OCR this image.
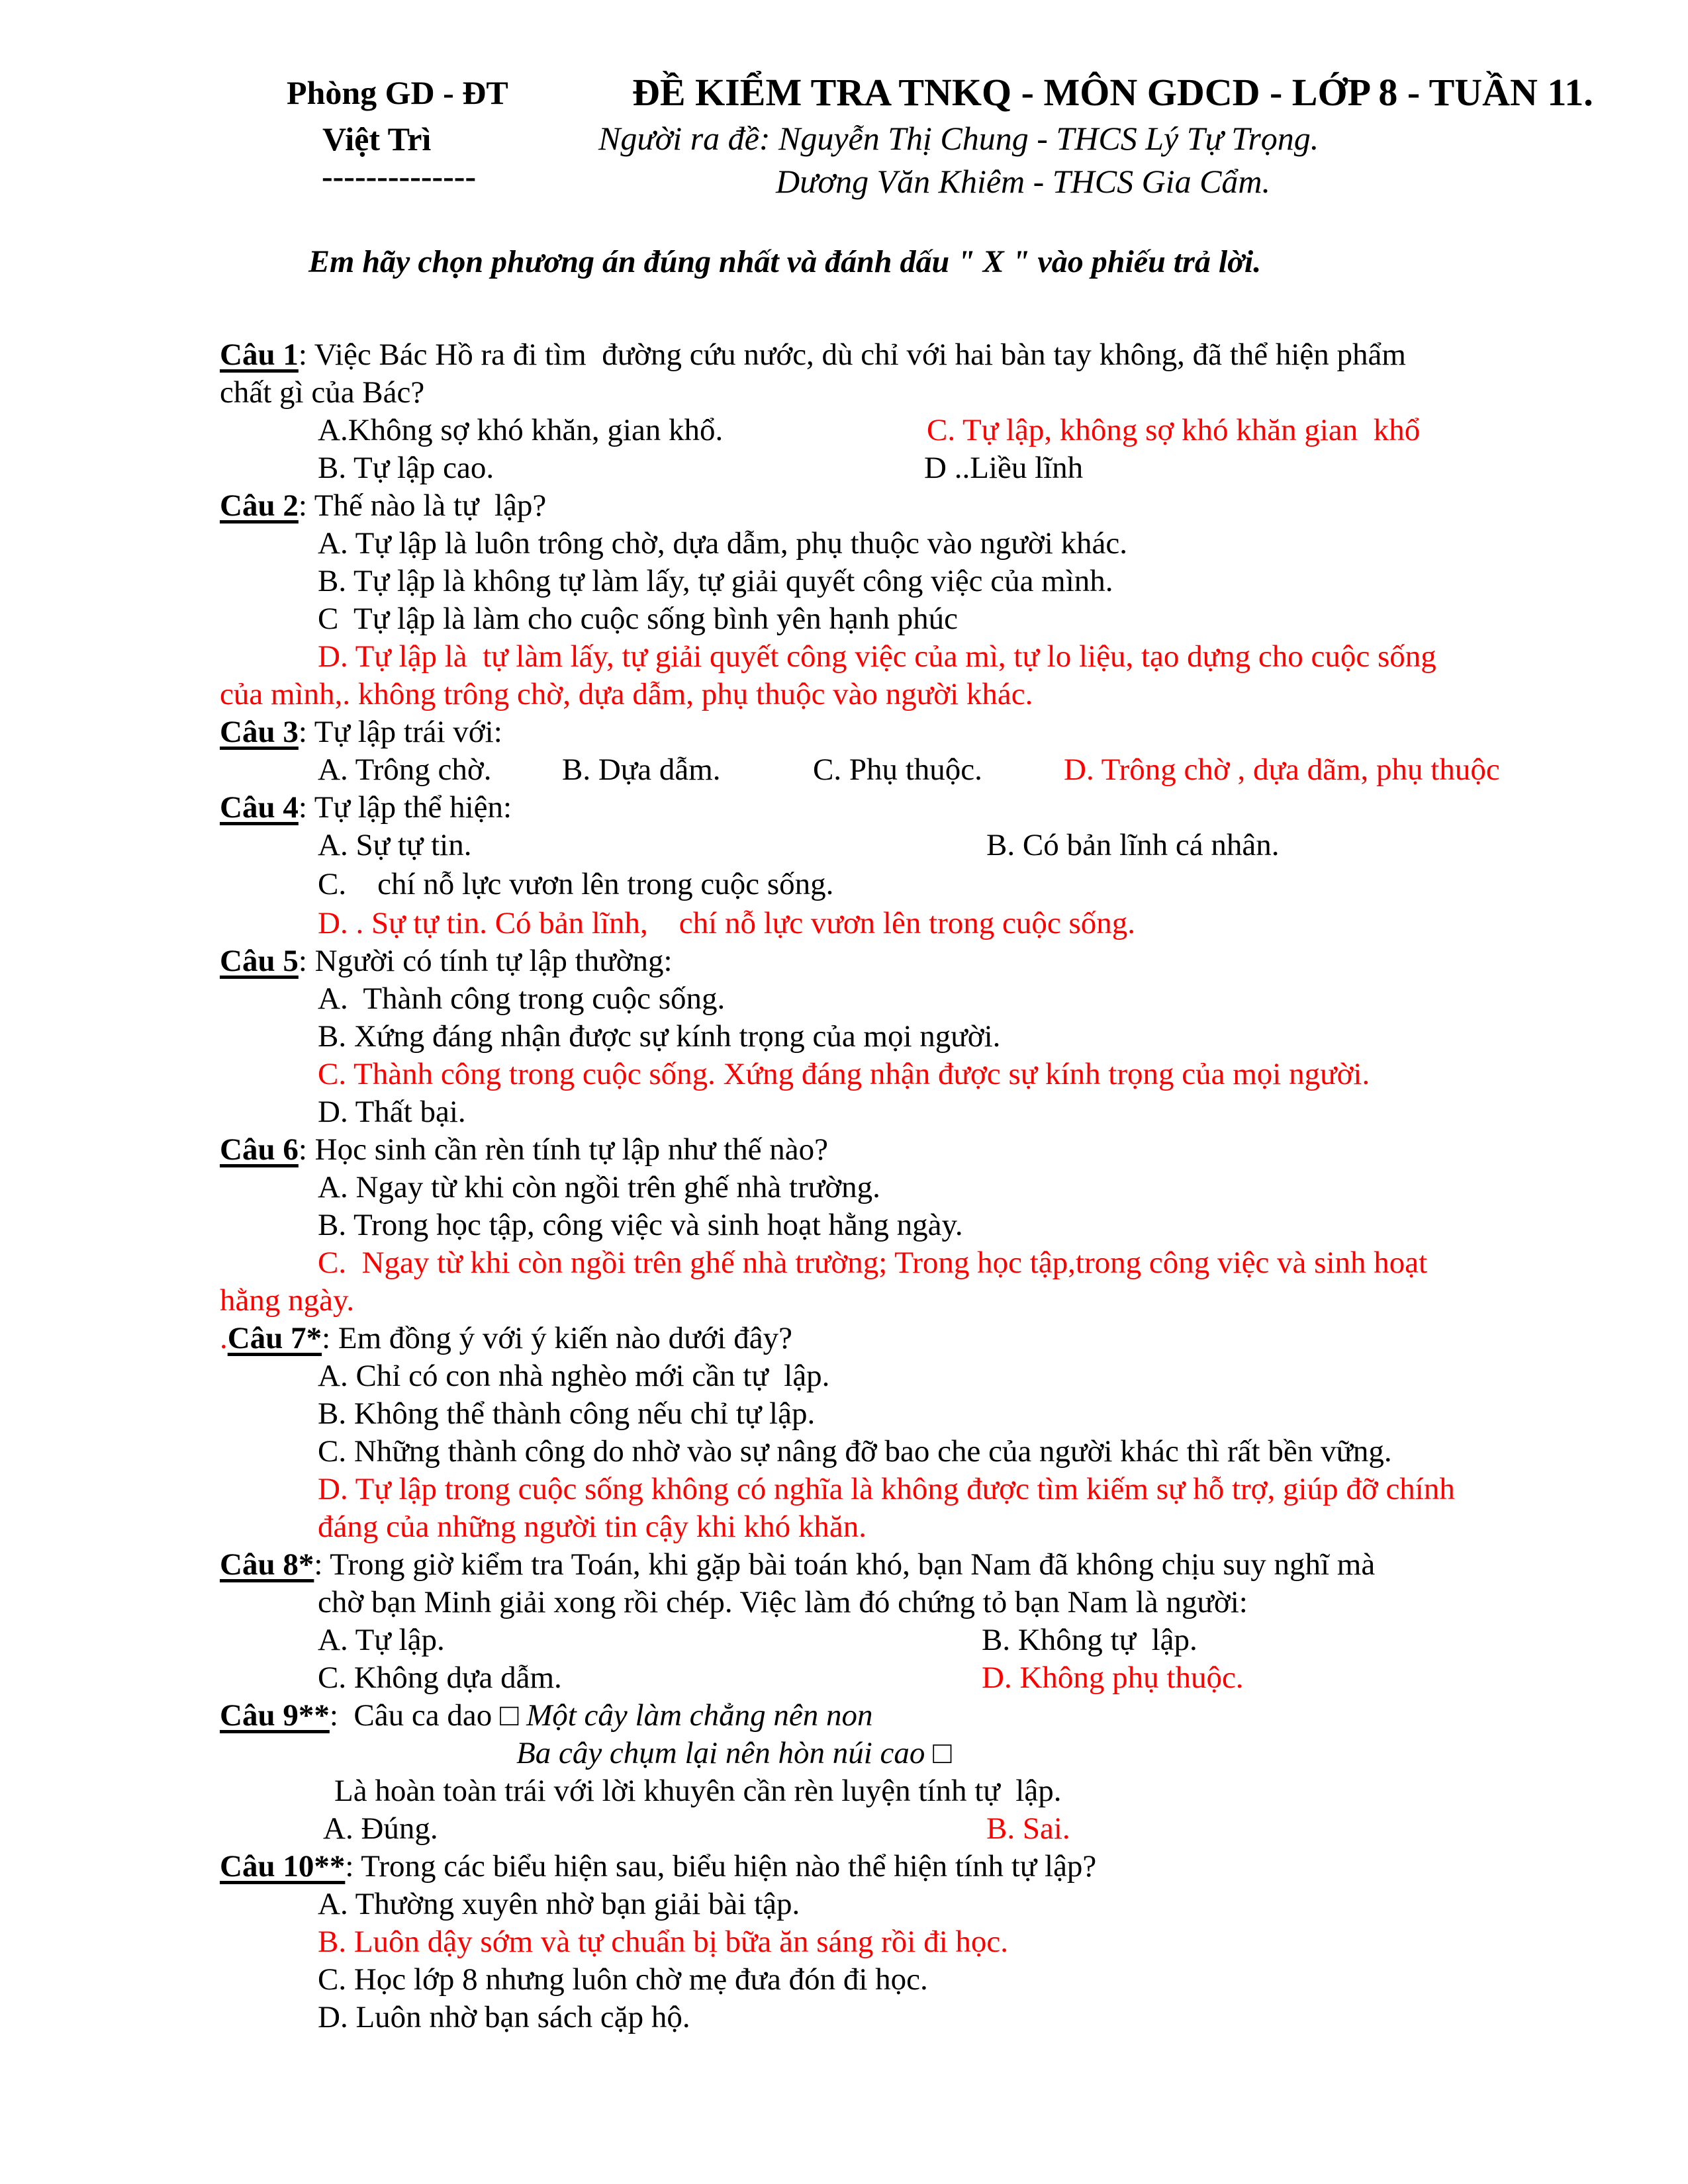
Phòng GD - ĐT
Việt Trì
--------------
ĐỀ KIỂM TRA TNKQ - MÔN GDCD - LỚP 8 - TUẦN 11.
Người ra đề: Nguyễn Thị Chung - THCS Lý Tự Trọng.
Dương Văn Khiêm - THCS Gia Cẩm.
Em hãy chọn phương án đúng nhất và đánh dấu " X " vào phiếu trả lời.
Câu 1: Việc Bác Hồ ra đi tìm  đường cứu nước, dù chỉ với hai bàn tay không, đã thể hiện phẩm
chất gì của Bác?
A.Không sợ khó khăn, gian khổ.	C. Tự lập, không sợ khó khăn gian  khổ
B. Tự lập cao.	D ..Liều lĩnh
Câu 2: Thế nào là tự  lập?
A. Tự lập là luôn trông chờ, dựa dẫm, phụ thuộc vào người khác.
B. Tự lập là không tự làm lấy, tự giải quyết công việc của mình.
C  Tự lập là làm cho cuộc sống bình yên hạnh phúc
D. Tự lập là  tự làm lấy, tự giải quyết công việc của mì, tự lo liệu, tạo dựng cho cuộc sống
của mình,. không trông chờ, dựa dẫm, phụ thuộc vào người khác.
Câu 3: Tự lập trái với:
A. Trông chờ. B. Dựa dẫm.	C. Phụ thuộc.	D. Trông chờ , dựa dãm, phụ thuộc
Câu 4: Tự lập thể hiện:
A. Sự tự tin.	B. Có bản lĩnh cá nhân.
C.    chí nỗ lực vươn lên trong cuộc sống.
D. . Sự tự tin. Có bản lĩnh,    chí nỗ lực vươn lên trong cuộc sống.
Câu 5: Người có tính tự lập thường:
A.  Thành công trong cuộc sống.
B. Xứng đáng nhận được sự kính trọng của mọi người.
C. Thành công trong cuộc sống. Xứng đáng nhận được sự kính trọng của mọi người.
D. Thất bại.
Câu 6: Học sinh cần rèn tính tự lập như thế nào?
A. Ngay từ khi còn ngồi trên ghế nhà trường.
B. Trong học tập, công việc và sinh hoạt hằng ngày.
C.  Ngay từ khi còn ngồi trên ghế nhà trường; Trong học tập,trong công việc và sinh hoạt
hằng ngày.
.Câu 7*: Em đồng ý với ý kiến nào dưới đây?
A. Chỉ có con nhà nghèo mới cần tự  lập.
B. Không thể thành công nếu chỉ tự lập.
C. Những thành công do nhờ vào sự nâng đỡ bao che của người khác thì rất bền vững.
D. Tự lập trong cuộc sống không có nghĩa là không được tìm kiếm sự hỗ trợ, giúp đỡ chính
đáng của những người tin cậy khi khó khăn.
Câu 8*: Trong giờ kiểm tra Toán, khi gặp bài toán khó, bạn Nam đã không chịu suy nghĩ mà
chờ bạn Minh giải xong rồi chép. Việc làm đó chứng tỏ bạn Nam là người:
A. Tự lập.	B. Không tự  lập.
C. Không dựa dẫm.	D. Không phụ thuộc.
Câu 9**:  Câu ca dao □ Một cây làm chẳng nên non
Ba cây chụm lại nên hòn núi cao □
Là hoàn toàn trái với lời khuyên cần rèn luyện tính tự  lập.
A. Đúng.	B. Sai.
Câu 10**: Trong các biểu hiện sau, biểu hiện nào thể hiện tính tự lập?
A. Thường xuyên nhờ bạn giải bài tập.
B. Luôn dậy sớm và tự chuẩn bị bữa ăn sáng rồi đi học.
C. Học lớp 8 nhưng luôn chờ mẹ đưa đón đi học.
D. Luôn nhờ bạn sách cặp hộ.
